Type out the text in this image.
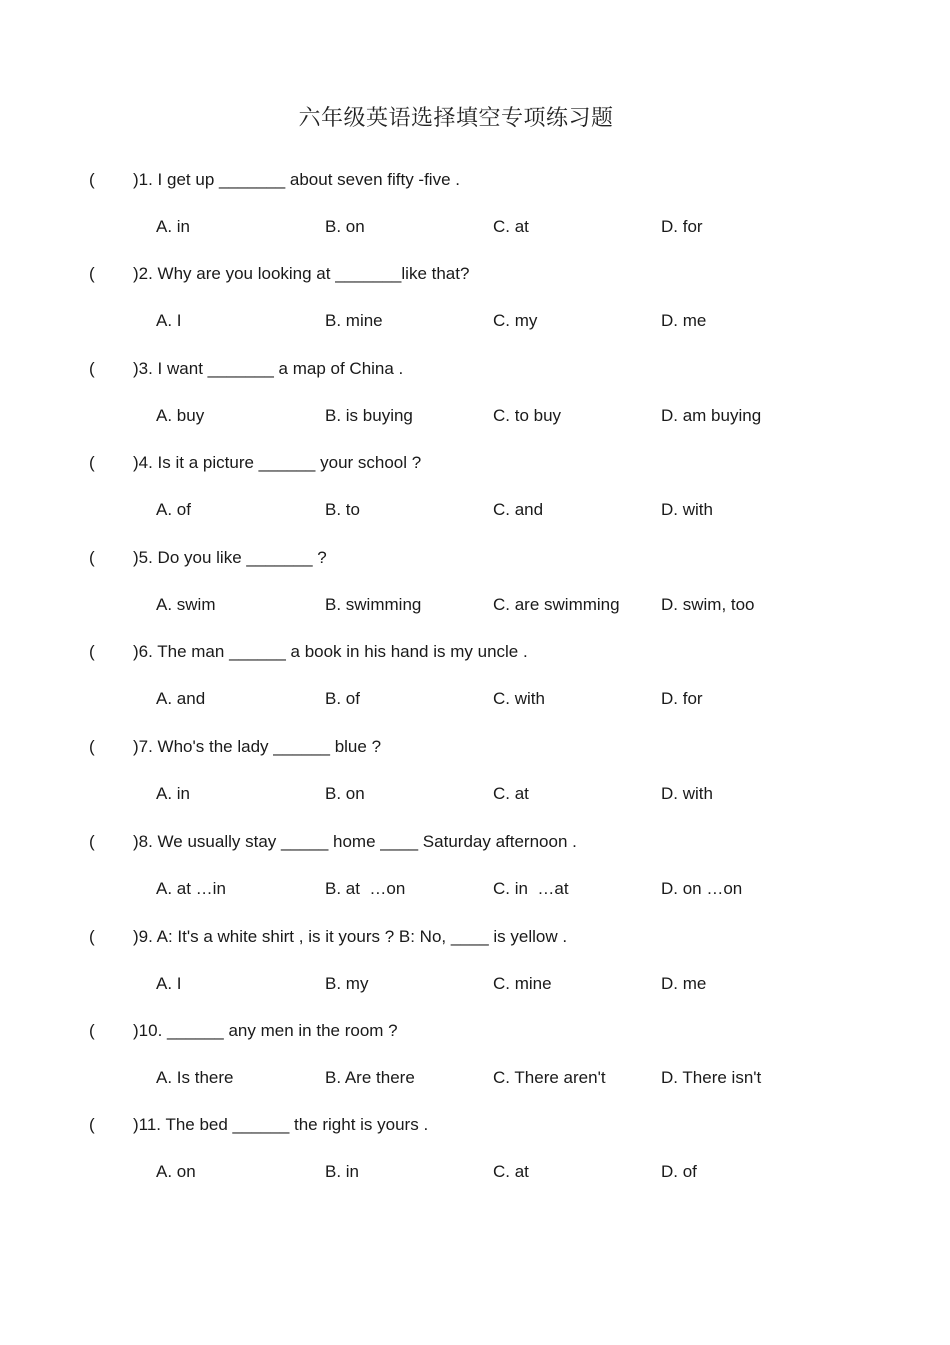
六年级英语选择填空专项练习题
( )1. I get up _______ about seven fifty -five .
A. in	B. on	C. at	D. for
( )2. Why are you looking at _______like that?
A. I	B. mine	C. my	D. me
( )3. I want _______ a map of China .
A. buy	B. is buying	C. to buy	D. am buying
( )4. Is it a picture ______ your school ?
A. of	B. to	C. and	D. with
( )5. Do you like _______ ?
A. swim	B. swimming	C. are swimming D. swim, too
( )6. The man ______ a book in his hand is my uncle .
A. and	B. of	C. with	D. for
( )7. Who's the lady ______ blue ?
A. in	B. on	C. at	D. with
( )8. We usually stay _____ home ____ Saturday afternoon .
A. at …in	B. at  …on	C. in  …at	D. on …on
( )9. A: It's a white shirt , is it yours ? B: No, ____ is yellow .
A. I	B. my	C. mine	D. me
( )10. ______ any men in the room ?
A. Is there	B. Are there	C. There aren't	D. There isn't
( )11. The bed ______ the right is yours .
A. on	B. in	C. at	D. of
